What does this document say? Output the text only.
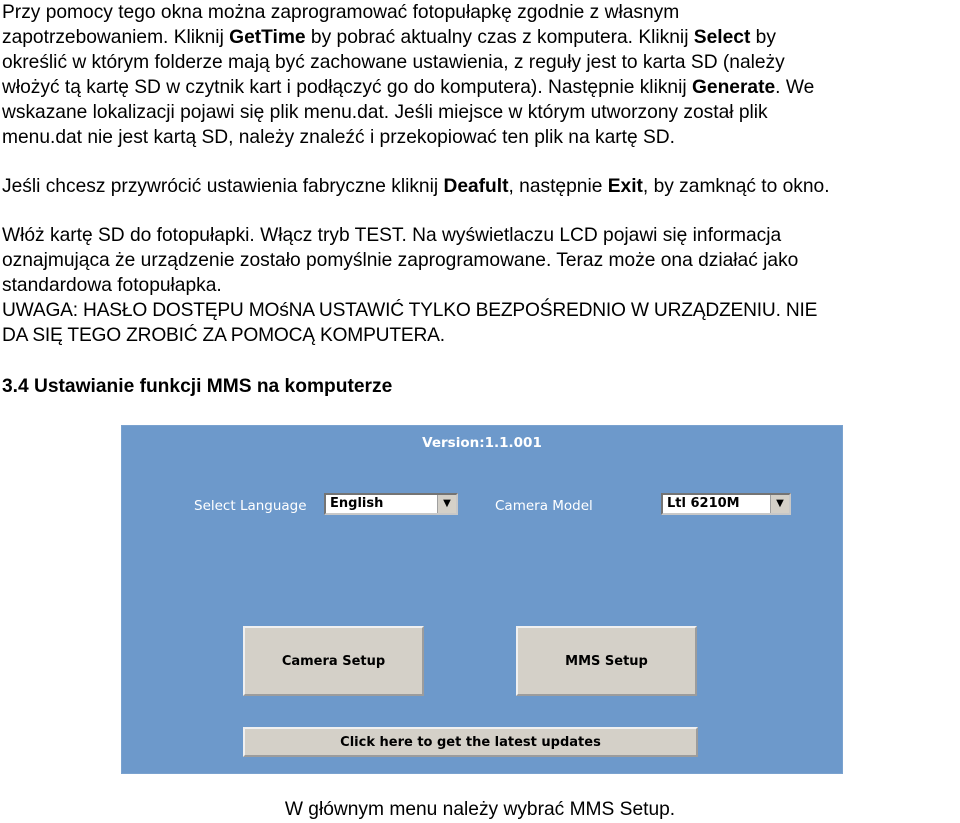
Przy pomocy tego okna można zaprogramować fotopułapkę zgodnie z własnym

zapotrzebowaniem. Kliknij GetTime by pobrać aktualny czas z komputera. Kliknij Select by

określić w którym folderze mają być zachowane ustawienia, z reguły jest to karta SD (należy

włożyć tą kartę SD w czytnik kart i podłączyć go do komputera). Następnie kliknij Generate. We

wskazane lokalizacji pojawi się plik menu.dat. Jeśli miejsce w którym utworzony został plik

menu.dat nie jest kartą SD, należy znaleźć i przekopiować ten plik na kartę SD.

Jeśli chcesz przywrócić ustawienia fabryczne kliknij Deafult, następnie Exit, by zamknąć to okno.

Włóż kartę SD do fotopułapki. Włącz tryb TEST. Na wyświetlaczu LCD pojawi się informacja

oznajmująca że urządzenie zostało pomyślnie zaprogramowane. Teraz może ona działać jako

standardowa fotopułapka.

UWAGA: HASŁO DOSTĘPU MOśNA USTAWIĆ TYLKO BEZPOŚREDNIO W URZĄDZENIU. NIE

DA SIĘ TEGO ZROBIĆ ZA POMOCĄ KOMPUTERA.

3.4 Ustawianie funkcji MMS na komputerze
Version:1.1.001
Select Language	English	▼	Camera Model	Ltl 6210M	▼
Camera Setup	MMS Setup
Click here to get the latest updates
W głównym menu należy wybrać MMS Setup.
